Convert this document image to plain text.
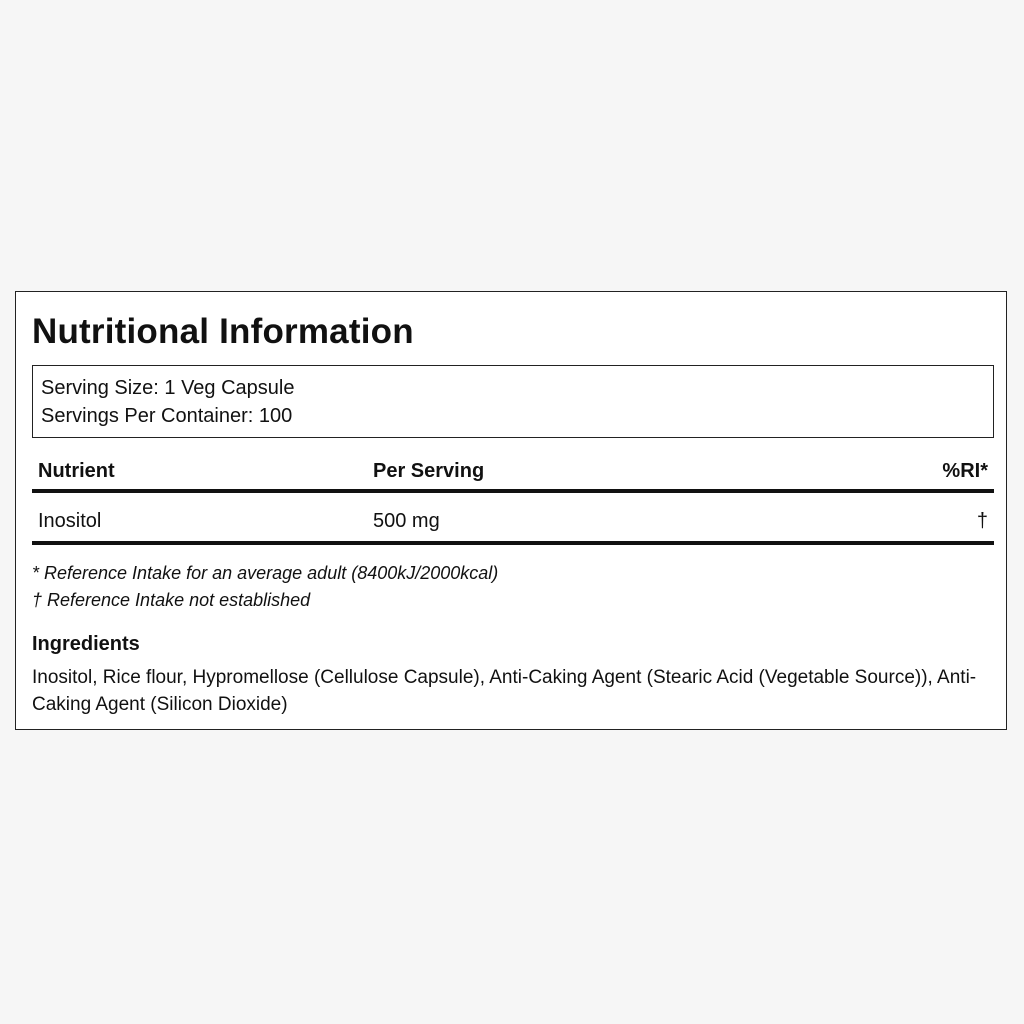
Nutritional Information
Serving Size: 1 Veg Capsule
Servings Per Container: 100
Nutrient	Per Serving	%RI*
Inositol	500 mg	†
* Reference Intake for an average adult (8400kJ/2000kcal)
† Reference Intake not established
Ingredients
Inositol, Rice flour, Hypromellose (Cellulose Capsule), Anti-Caking Agent (Stearic Acid (Vegetable Source)), Anti-Caking Agent (Silicon Dioxide)
